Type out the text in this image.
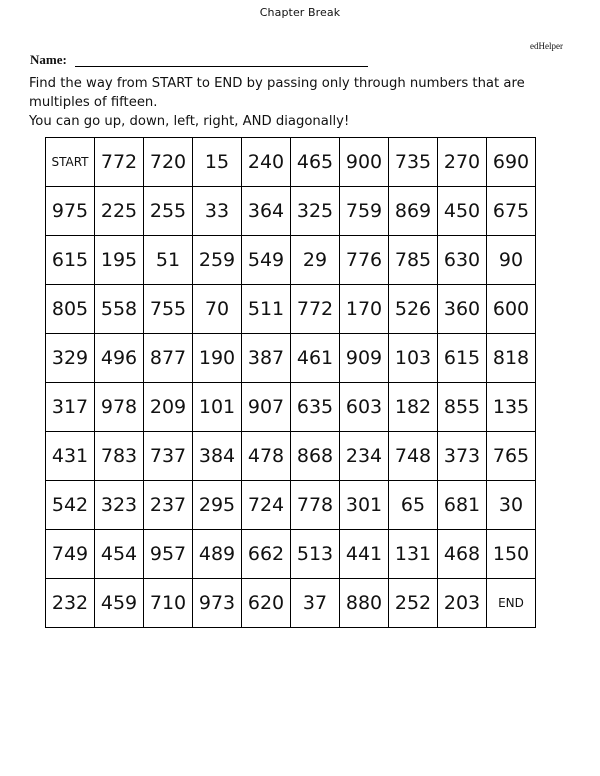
Chapter Break
edHelper
Name:

Find the way from START to END by passing only through numbers that are multiples of fifteen.

You can go up, down, left, right, AND diagonally!

START 772 720 15 240 465 900 735 270 690
975 225 255 33 364 325 759 869 450 675
615 195 51 259 549 29 776 785 630 90
805 558 755 70 511 772 170 526 360 600
329 496 877 190 387 461 909 103 615 818
317 978 209 101 907 635 603 182 855 135
431 783 737 384 478 868 234 748 373 765
542 323 237 295 724 778 301 65 681 30
749 454 957 489 662 513 441 131 468 150
232 459 710 973 620 37 880 252 203	END
